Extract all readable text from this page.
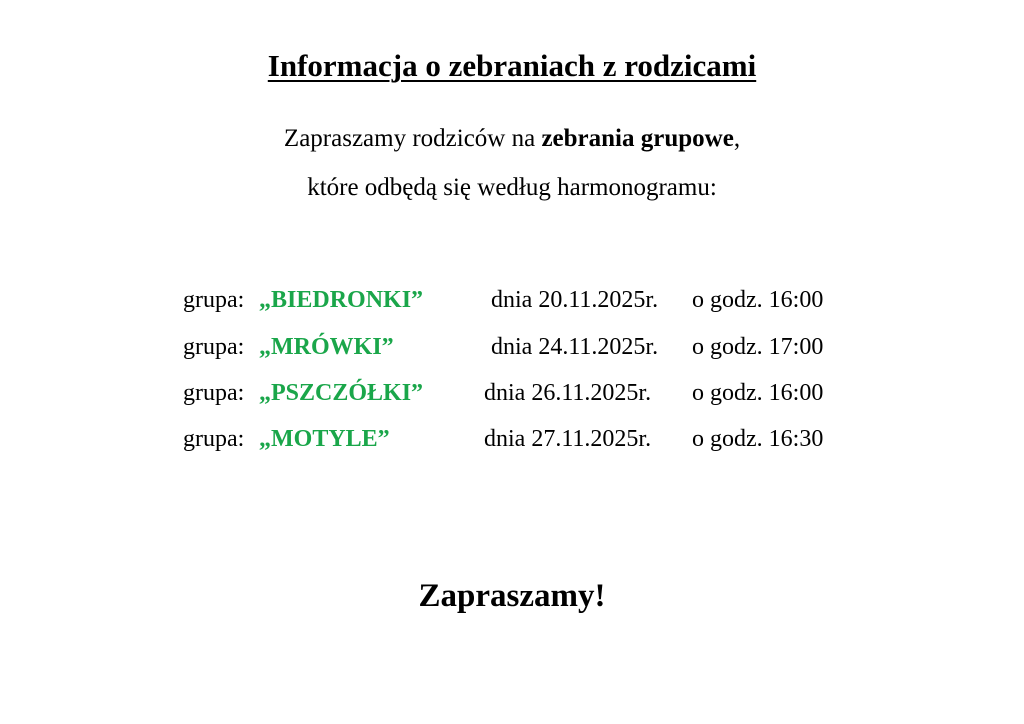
Informacja o zebraniach z rodzicami
Zapraszamy rodziców na zebrania grupowe,
które odbędą się według harmonogramu:
grupa: „BIEDRONKI”	dnia 20.11.2025r. o godz. 16:00
grupa: „MRÓWKI”	dnia 24.11.2025r. o godz. 17:00
grupa: „PSZCZÓŁKI”	dnia 26.11.2025r. o godz. 16:00
grupa: „MOTYLE”	dnia 27.11.2025r. o godz. 16:30
Zapraszamy!
